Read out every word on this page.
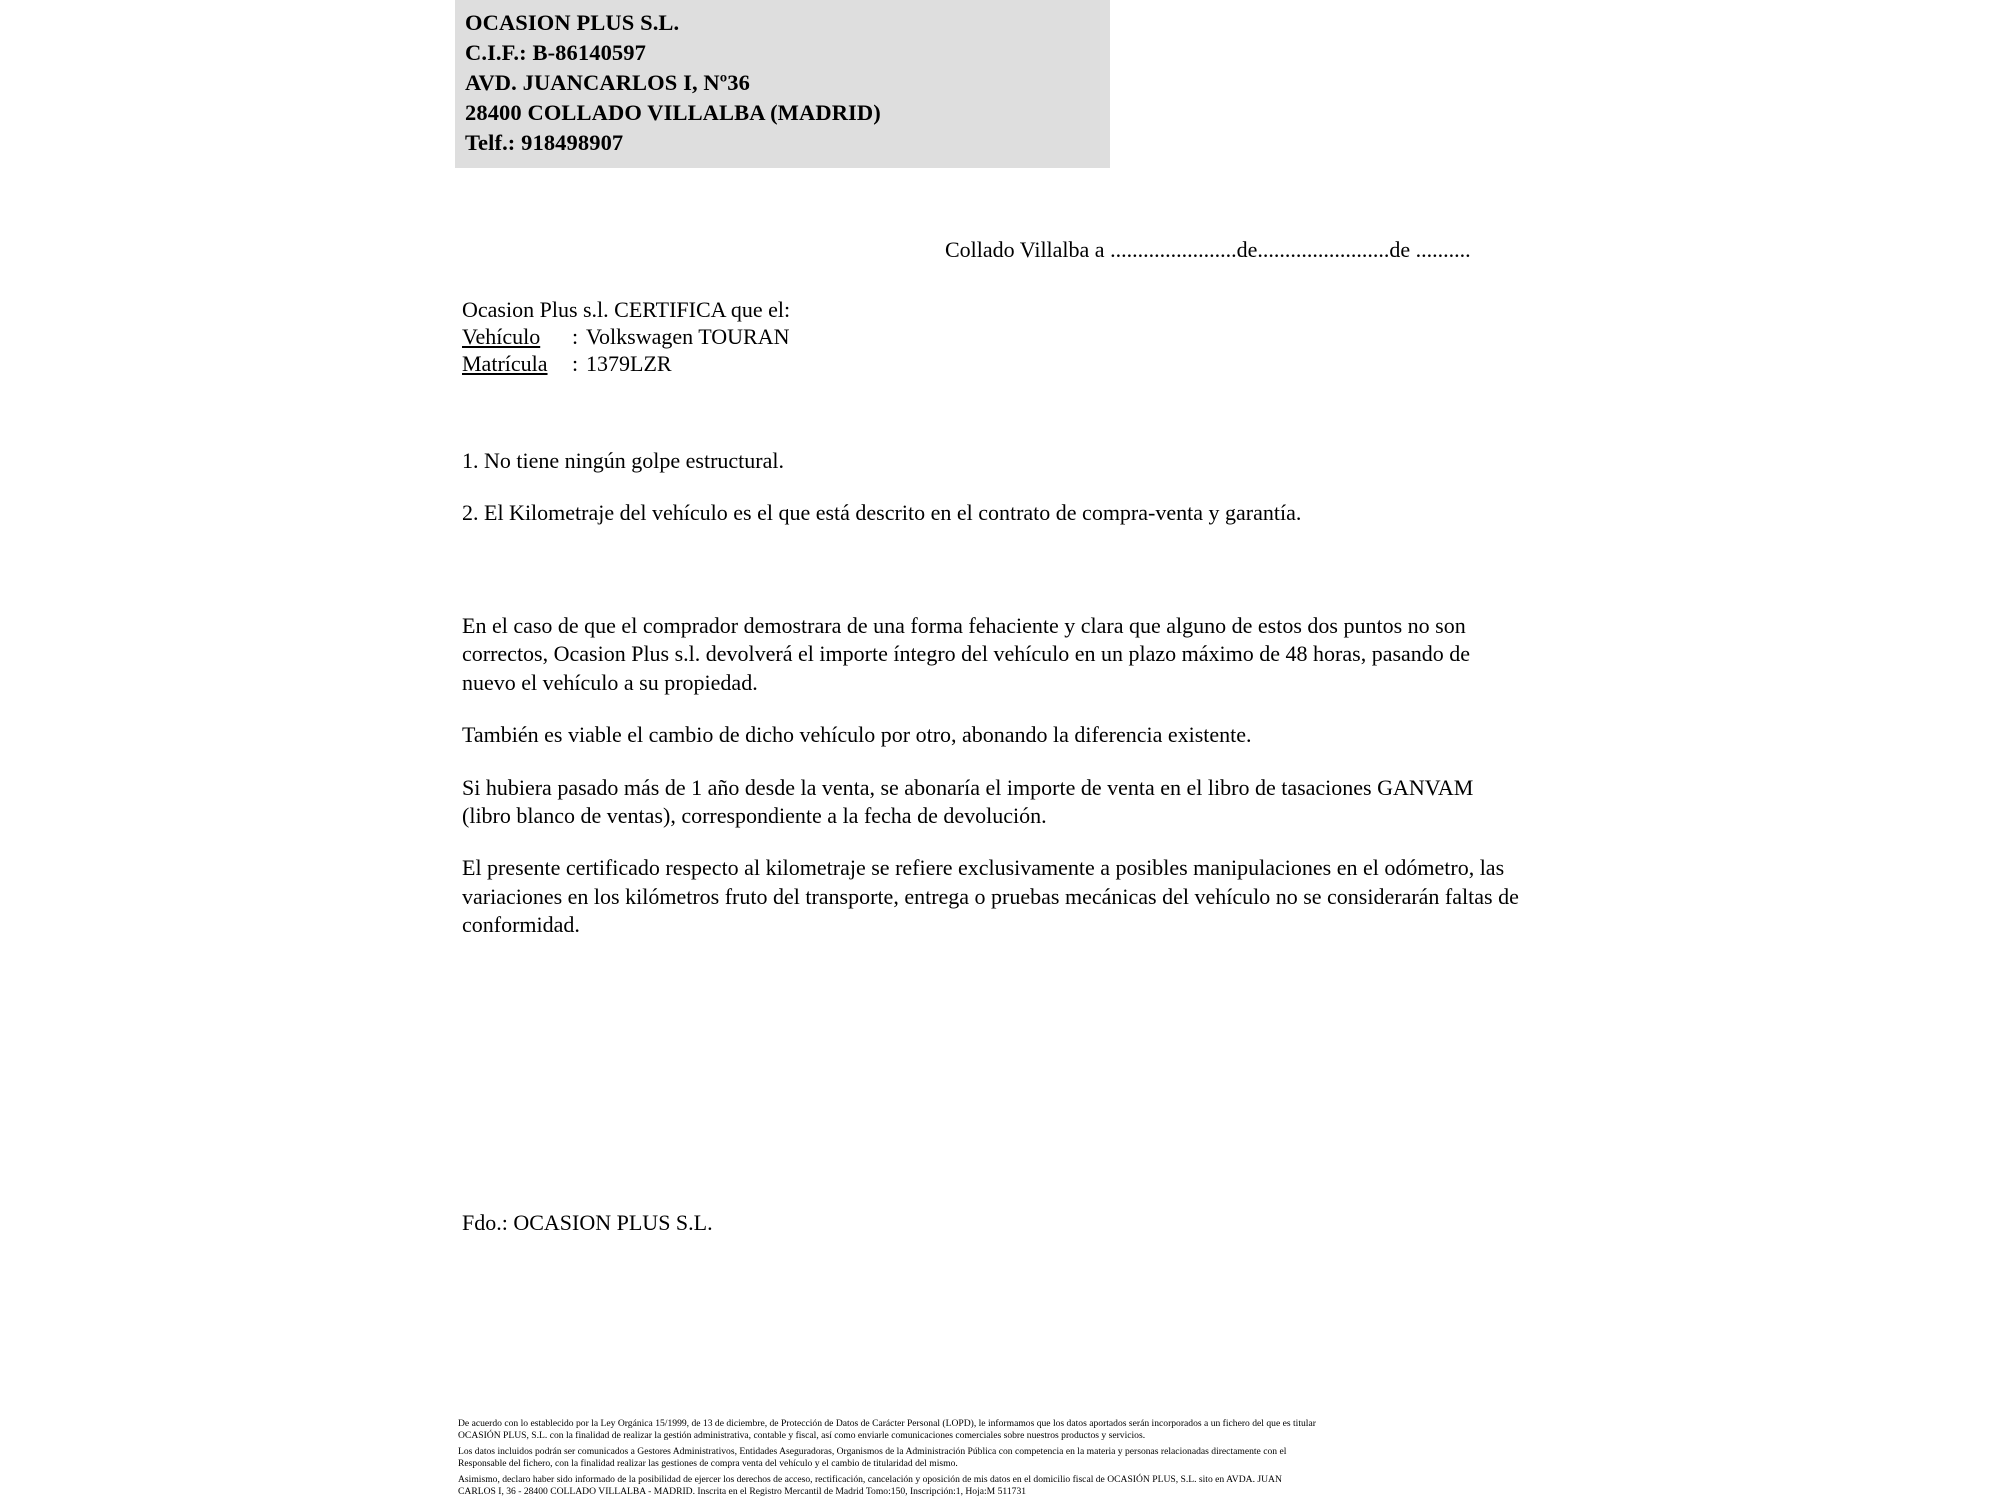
OCASION PLUS S.L.
C.I.F.: B-86140597
AVD. JUANCARLOS I, Nº36
28400 COLLADO VILLALBA (MADRID)
Telf.: 918498907
Collado Villalba a .......................de........................de ..........
Ocasion Plus s.l. CERTIFICA que el:
Vehículo : Volkswagen TOURAN
Matrícula : 1379LZR
1. No tiene ningún golpe estructural.
2. El Kilometraje del vehículo es el que está descrito en el contrato de compra-venta y garantía.

En el caso de que el comprador demostrara de una forma fehaciente y clara que alguno de estos dos puntos no son correctos, Ocasion Plus s.l. devolverá el importe íntegro del vehículo en un plazo máximo de 48 horas, pasando de nuevo el vehículo a su propiedad.

También es viable el cambio de dicho vehículo por otro, abonando la diferencia existente.

Si hubiera pasado más de 1 año desde la venta, se abonaría el importe de venta en el libro de tasaciones GANVAM (libro blanco de ventas), correspondiente a la fecha de devolución.

El presente certificado respecto al kilometraje se refiere exclusivamente a posibles manipulaciones en el odómetro, las variaciones en los kilómetros fruto del transporte, entrega o pruebas mecánicas del vehículo no se considerarán faltas de conformidad.

Fdo.: OCASION PLUS S.L.

De acuerdo con lo establecido por la Ley Orgánica 15/1999, de 13 de diciembre, de Protección de Datos de Carácter Personal (LOPD), le informamos que los datos aportados serán incorporados a un fichero del que es titular

OCASIÓN PLUS, S.L. con la finalidad de realizar la gestión administrativa, contable y fiscal, así como enviarle comunicaciones comerciales sobre nuestros productos y servicios.

Los datos incluidos podrán ser comunicados a Gestores Administrativos, Entidades Aseguradoras, Organismos de la Administración Pública con competencia en la materia y personas relacionadas directamente con el

Responsable del fichero, con la finalidad realizar las gestiones de compra venta del vehículo y el cambio de titularidad del mismo.

Asimismo, declaro haber sido informado de la posibilidad de ejercer los derechos de acceso, rectificación, cancelación y oposición de mis datos en el domicilio fiscal de OCASIÓN PLUS, S.L. sito en AVDA. JUAN

CARLOS I, 36 - 28400 COLLADO VILLALBA - MADRID. Inscrita en el Registro Mercantil de Madrid Tomo:150, Inscripción:1, Hoja:M 511731
